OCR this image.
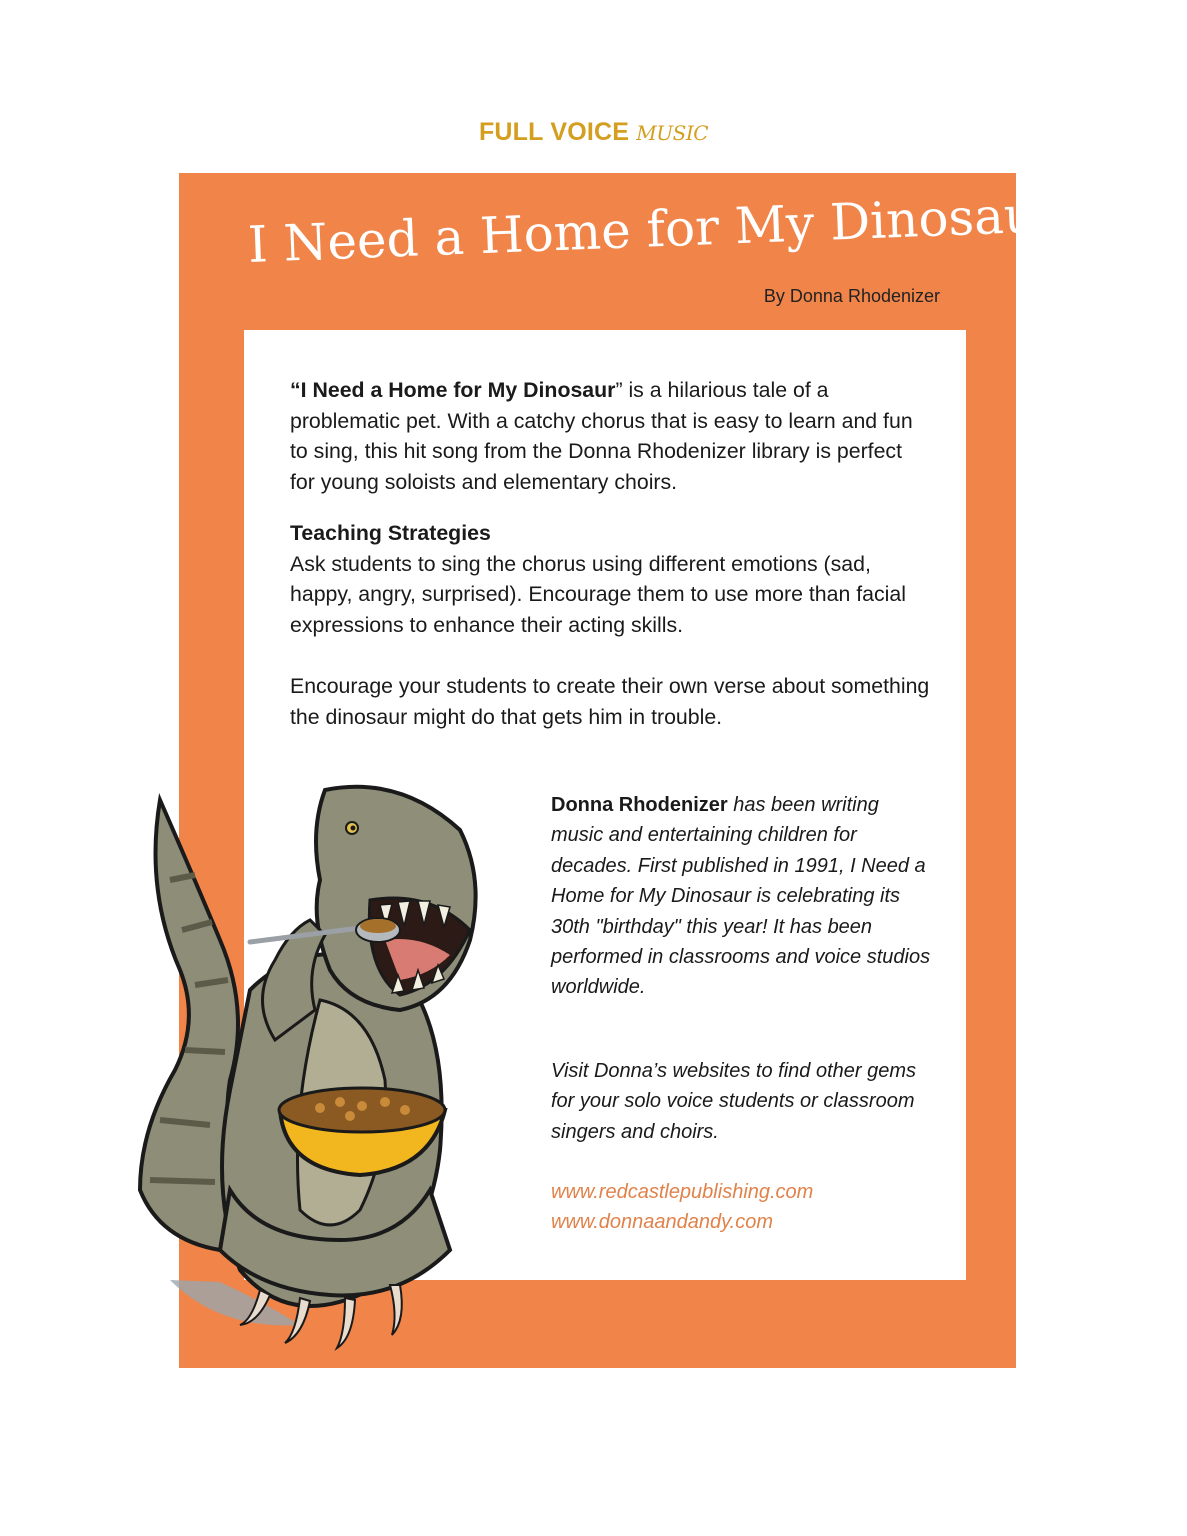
FULL VOICE MUSIC
I Need a Home for My Dinosaur
By Donna Rhodenizer
“I Need a Home for My Dinosaur” is a hilarious tale of a problematic pet. With a catchy chorus that is easy to learn and fun to sing, this hit song from the Donna Rhodenizer library is perfect for young soloists and elementary choirs.
Teaching Strategies
Ask students to sing the chorus using different emotions (sad, happy, angry, surprised). Encourage them to use more than facial expressions to enhance their acting skills.
Encourage your students to create their own verse about something the dinosaur might do that gets him in trouble.
Donna Rhodenizer has been writing music and entertaining children for decades. First published in 1991, I Need a Home for My Dinosaur is celebrating its 30th "birthday" this year! It has been performed in classrooms and voice studios worldwide.
Visit Donna’s websites to find other gems for your solo voice students or classroom singers and choirs.
www.redcastlepublishing.com
www.donnaandandy.com
